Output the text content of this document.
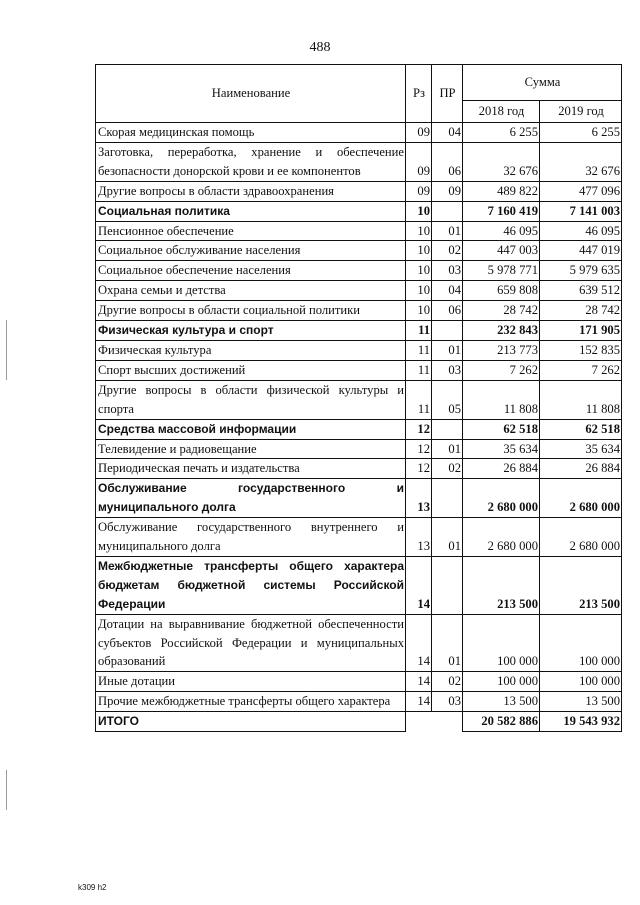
488
Наименование	Рз	ПР	Сумма	
			2018 год	2019 год
Скорая медицинская помощь	09	04	6 255	6 255
Заготовка, переработка, хранение и обеспечение безопасности донорской крови и ее компонентов	09	06	32 676	32 676
Другие вопросы в области здравоохранения	09	09	489 822	477 096
Социальная политика	10		7 160 419	7 141 003
Пенсионное обеспечение	10	01	46 095	46 095
Социальное обслуживание населения	10	02	447 003	447 019
Социальное обеспечение населения	10	03	5 978 771	5 979 635
Охрана семьи и детства	10	04	659 808	639 512
Другие вопросы в области социальной политики	10	06	28 742	28 742
Физическая культура и спорт	11		232 843	171 905
Физическая культура	11	01	213 773	152 835
Спорт высших достижений	11	03	7 262	7 262
Другие вопросы в области физической культуры и спорта	11	05	11 808	11 808
Средства массовой информации	12		62 518	62 518
Телевидение и радиовещание	12	01	35 634	35 634
Периодическая печать и издательства	12	02	26 884	26 884
Обслуживание государственного и муниципального долга	13		2 680 000	2 680 000
Обслуживание государственного внутреннего и муниципального долга	13	01	2 680 000	2 680 000
Межбюджетные трансферты общего характера бюджетам бюджетной системы Российской Федерации	14		213 500	213 500
Дотации на выравнивание бюджетной обеспеченности субъектов Российской Федерации и муниципальных образований	14	01	100 000	100 000
Иные дотации	14	02	100 000	100 000
Прочие межбюджетные трансферты общего характера	14	03	13 500	13 500
ИТОГО			20 582 886	19 543 932
k309 h2
